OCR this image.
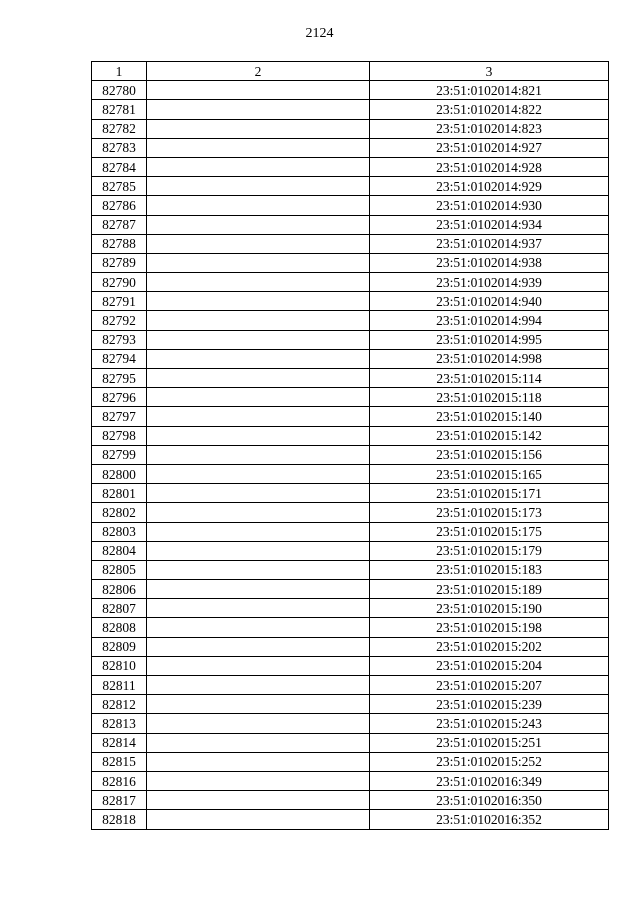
2124
1	2	3
82780		23:51:0102014:821
82781		23:51:0102014:822
82782		23:51:0102014:823
82783		23:51:0102014:927
82784		23:51:0102014:928
82785		23:51:0102014:929
82786		23:51:0102014:930
82787		23:51:0102014:934
82788		23:51:0102014:937
82789		23:51:0102014:938
82790		23:51:0102014:939
82791		23:51:0102014:940
82792		23:51:0102014:994
82793		23:51:0102014:995
82794		23:51:0102014:998
82795		23:51:0102015:114
82796		23:51:0102015:118
82797		23:51:0102015:140
82798		23:51:0102015:142
82799		23:51:0102015:156
82800		23:51:0102015:165
82801		23:51:0102015:171
82802		23:51:0102015:173
82803		23:51:0102015:175
82804		23:51:0102015:179
82805		23:51:0102015:183
82806		23:51:0102015:189
82807		23:51:0102015:190
82808		23:51:0102015:198
82809		23:51:0102015:202
82810		23:51:0102015:204
82811		23:51:0102015:207
82812		23:51:0102015:239
82813		23:51:0102015:243
82814		23:51:0102015:251
82815		23:51:0102015:252
82816		23:51:0102016:349
82817		23:51:0102016:350
82818		23:51:0102016:352
